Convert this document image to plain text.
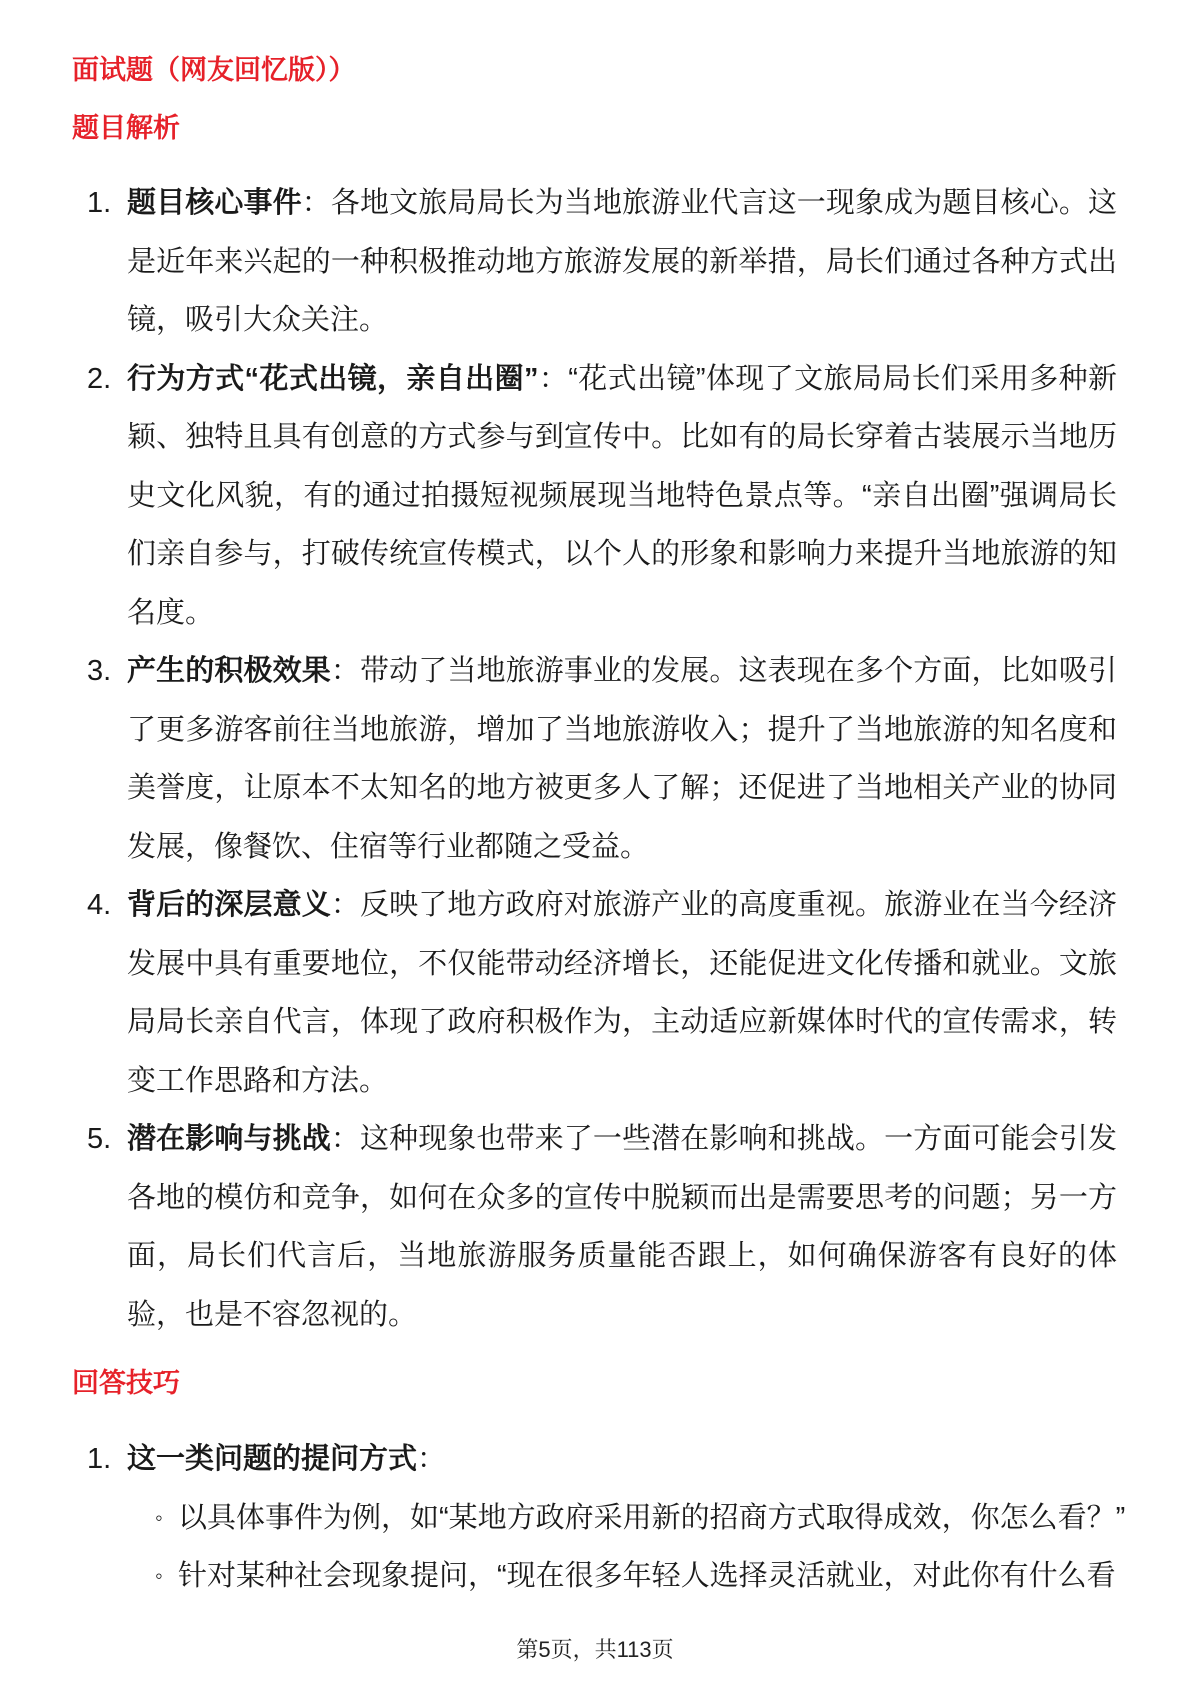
面试题（网友回忆版））
题目解析
1. 题目核心事件：各地文旅局局长为当地旅游业代言这一现象成为题目核心。这是近年来兴起的一种积极推动地方旅游发展的新举措，局长们通过各种方式出镜，吸引大众关注。

2. 行为方式“花式出镜，亲自出圈”：“花式出镜”体现了文旅局局长们采用多种新颖、独特且具有创意的方式参与到宣传中。比如有的局长穿着古装展示当地历史文化风貌，有的通过拍摄短视频展现当地特色景点等。“亲自出圈”强调局长们亲自参与，打破传统宣传模式，以个人的形象和影响力来提升当地旅游的知名度。

3. 产生的积极效果：带动了当地旅游事业的发展。这表现在多个方面，比如吸引了更多游客前往当地旅游，增加了当地旅游收入；提升了当地旅游的知名度和美誉度，让原本不太知名的地方被更多人了解；还促进了当地相关产业的协同发展，像餐饮、住宿等行业都随之受益。

4. 背后的深层意义：反映了地方政府对旅游产业的高度重视。旅游业在当今经济发展中具有重要地位，不仅能带动经济增长，还能促进文化传播和就业。文旅局局长亲自代言，体现了政府积极作为，主动适应新媒体时代的宣传需求，转变工作思路和方法。

5. 潜在影响与挑战：这种现象也带来了一些潜在影响和挑战。一方面可能会引发各地的模仿和竞争，如何在众多的宣传中脱颖而出是需要思考的问题；另一方面，局长们代言后，当地旅游服务质量能否跟上，如何确保游客有良好的体验，也是不容忽视的。

回答技巧
1. 这一类问题的提问方式：

◦ 以具体事件为例，如“某地方政府采用新的招商方式取得成效，你怎么看？”
◦ 针对某种社会现象提问，“现在很多年轻人选择灵活就业，对此你有什么看
第5页，共113页
